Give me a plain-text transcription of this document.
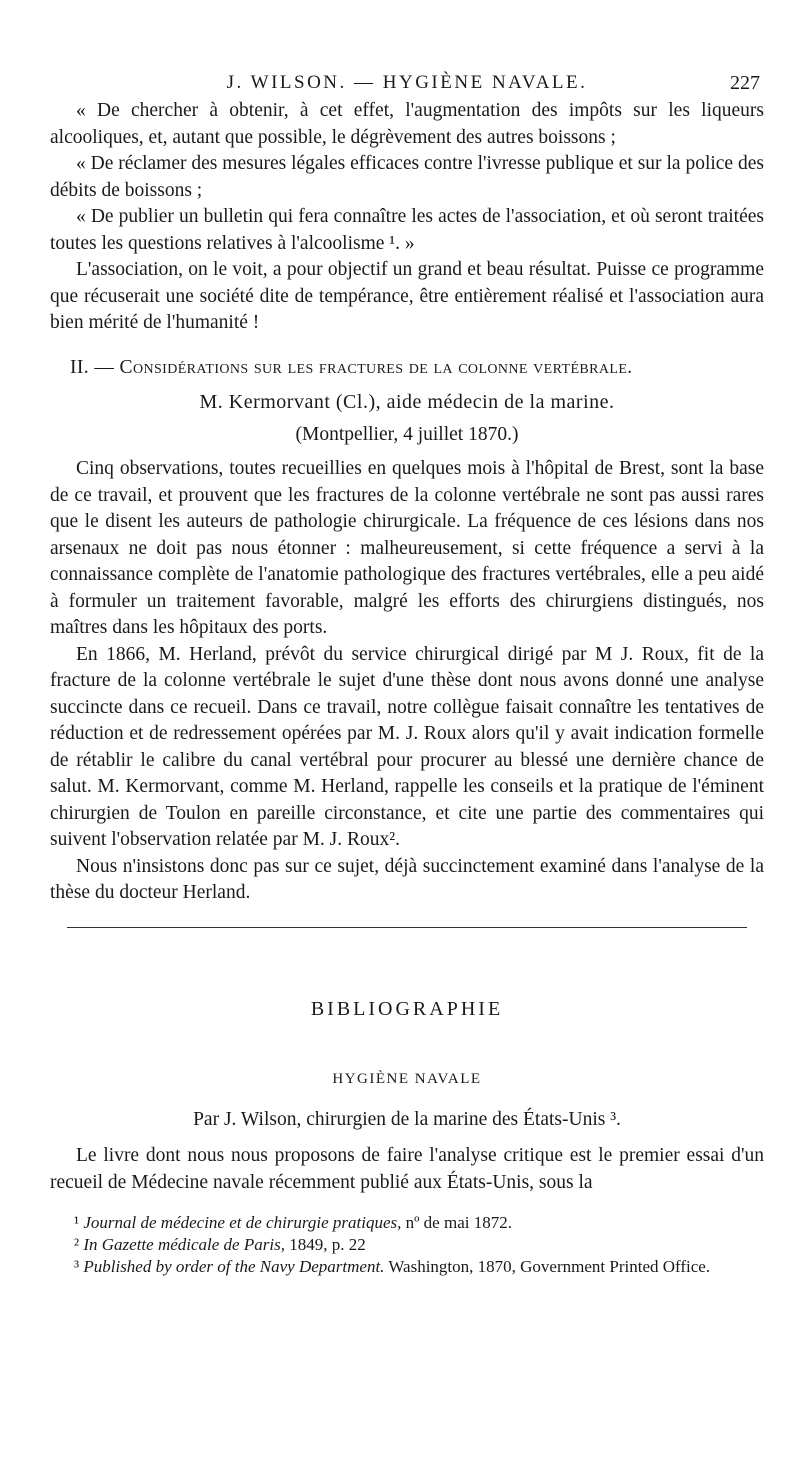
J. WILSON. — HYGIÈNE NAVALE.	227

« De chercher à obtenir, à cet effet, l'augmentation des impôts sur les liqueurs alcooliques, et, autant que possible, le dégrèvement des autres boissons ;

« De réclamer des mesures légales efficaces contre l'ivresse publique et sur la police des débits de boissons ;

« De publier un bulletin qui fera connaître les actes de l'association, et où seront traitées toutes les questions relatives à l'alcoolisme ¹. »

L'association, on le voit, a pour objectif un grand et beau résultat. Puisse ce programme que récuserait une société dite de tempérance, être entièrement réalisé et l'association aura bien mérité de l'humanité !

II. — Considérations sur les fractures de la colonne vertébrale.
M. Kermorvant (Cl.), aide médecin de la marine.
(Montpellier, 4 juillet 1870.)

Cinq observations, toutes recueillies en quelques mois à l'hôpital de Brest, sont la base de ce travail, et prouvent que les fractures de la colonne vertébrale ne sont pas aussi rares que le disent les auteurs de pathologie chirurgicale. La fréquence de ces lésions dans nos arsenaux ne doit pas nous étonner : malheureusement, si cette fréquence a servi à la connaissance complète de l'anatomie pathologique des fractures vertébrales, elle a peu aidé à formuler un traitement favorable, malgré les efforts des chirurgiens distingués, nos maîtres dans les hôpitaux des ports.

En 1866, M. Herland, prévôt du service chirurgical dirigé par M J. Roux, fit de la fracture de la colonne vertébrale le sujet d'une thèse dont nous avons donné une analyse succincte dans ce recueil. Dans ce travail, notre collègue faisait connaître les tentatives de réduction et de redressement opérées par M. J. Roux alors qu'il y avait indication formelle de rétablir le calibre du canal vertébral pour procurer au blessé une dernière chance de salut. M. Kermorvant, comme M. Herland, rappelle les conseils et la pratique de l'éminent chirurgien de Toulon en pareille circonstance, et cite une partie des commentaires qui suivent l'observation relatée par M. J. Roux².

Nous n'insistons donc pas sur ce sujet, déjà succinctement examiné dans l'analyse de la thèse du docteur Herland.

BIBLIOGRAPHIE
HYGIÈNE NAVALE
Par J. Wilson, chirurgien de la marine des États-Unis ³.

Le livre dont nous nous proposons de faire l'analyse critique est le premier essai d'un recueil de Médecine navale récemment publié aux États-Unis, sous la

¹ Journal de médecine et de chirurgie pratiques, nº de mai 1872.

² In Gazette médicale de Paris, 1849, p. 22

³ Published by order of the Navy Department. Washington, 1870, Government Printed Office.
